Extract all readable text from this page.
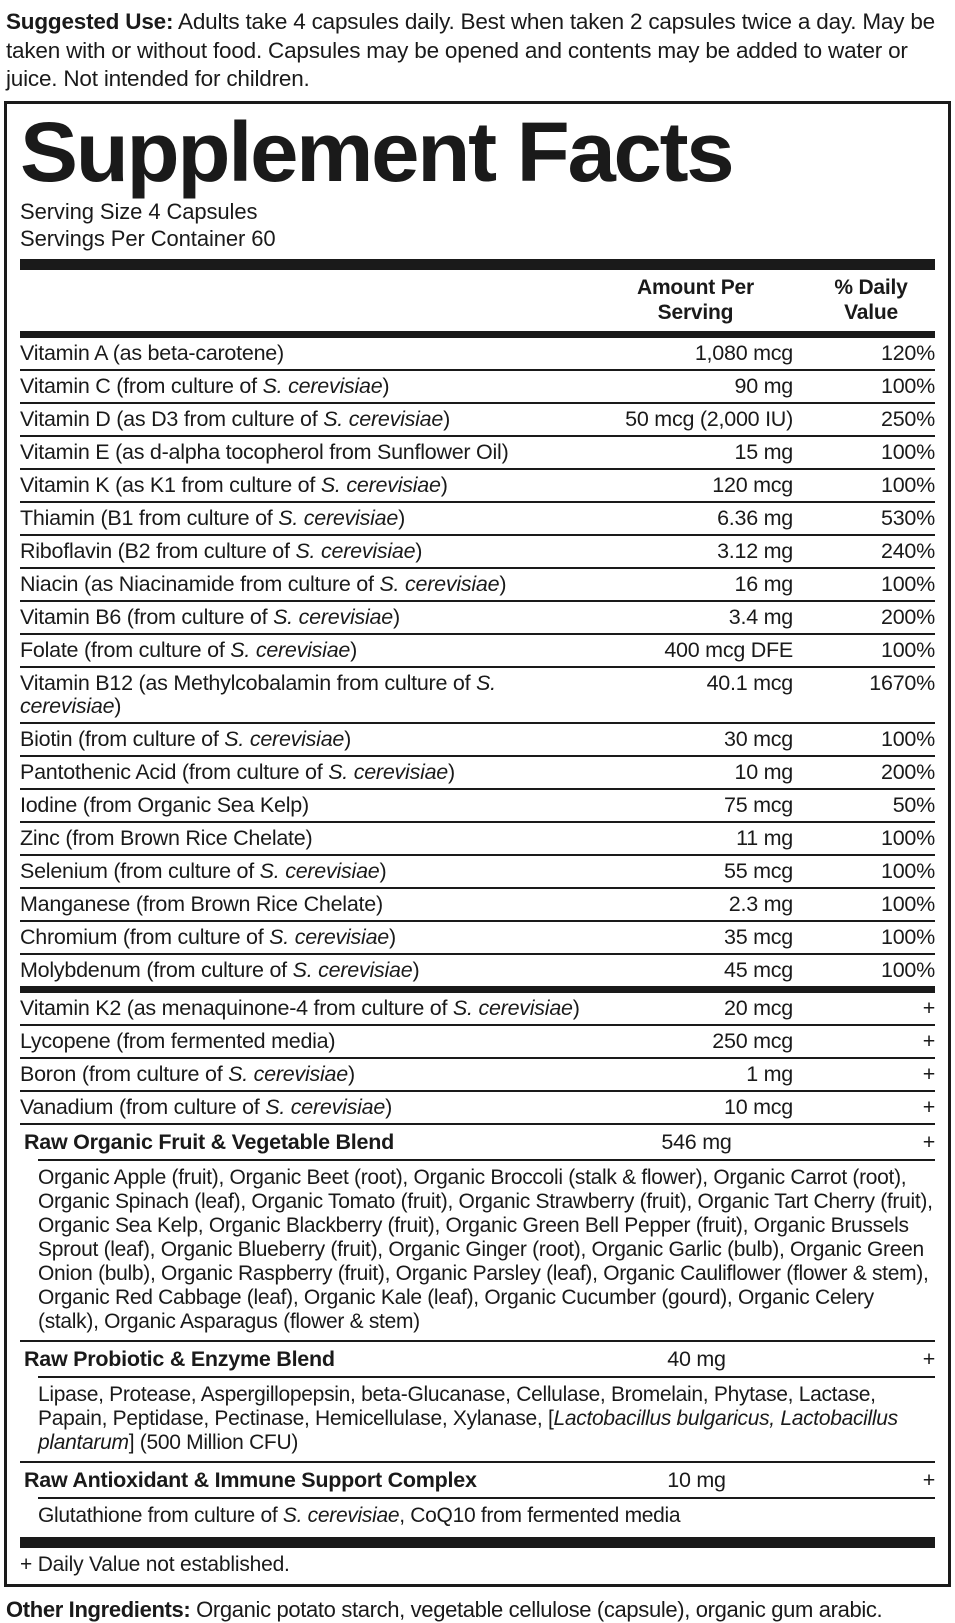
Suggested Use: Adults take 4 capsules daily. Best when taken 2 capsules twice a day. May be taken with or without food. Capsules may be opened and contents may be added to water or juice. Not intended for children.
Supplement Facts
Serving Size 4 Capsules
Servings Per Container 60
Amount Per
Serving
% Daily
Value
Vitamin A (as beta-carotene)	1,080 mcg	120%
Vitamin C (from culture of S. cerevisiae)	90 mg	100%
Vitamin D (as D3 from culture of S. cerevisiae)	50 mcg (2,000 IU)	250%
Vitamin E (as d-alpha tocopherol from Sunflower Oil)	15 mg	100%
Vitamin K (as K1 from culture of S. cerevisiae)	120 mcg	100%
Thiamin (B1 from culture of S. cerevisiae)	6.36 mg	530%
Riboflavin (B2 from culture of S. cerevisiae)	3.12 mg	240%
Niacin (as Niacinamide from culture of S. cerevisiae)	16 mg	100%
Vitamin B6 (from culture of S. cerevisiae)	3.4 mg	200%
Folate (from culture of S. cerevisiae)	400 mcg DFE	100%
Vitamin B12 (as Methylcobalamin from culture of S. cerevisiae)
40.1 mcg	1670%
Biotin (from culture of S. cerevisiae)	30 mcg	100%
Pantothenic Acid (from culture of S. cerevisiae)	10 mg	200%
Iodine (from Organic Sea Kelp)	75 mcg	50%
Zinc (from Brown Rice Chelate)	11 mg	100%
Selenium (from culture of S. cerevisiae)	55 mcg	100%
Manganese (from Brown Rice Chelate)	2.3 mg	100%
Chromium (from culture of S. cerevisiae)	35 mcg	100%
Molybdenum (from culture of S. cerevisiae)	45 mcg	100%
Vitamin K2 (as menaquinone-4 from culture of S. cerevisiae)	20 mcg	+
Lycopene (from fermented media)	250 mcg	+
Boron (from culture of S. cerevisiae)	1 mg	+
Vanadium (from culture of S. cerevisiae)	10 mcg	+
Raw Organic Fruit & Vegetable Blend	546 mg	+
Organic Apple (fruit), Organic Beet (root), Organic Broccoli (stalk & flower), Organic Carrot (root), Organic Spinach (leaf), Organic Tomato (fruit), Organic Strawberry (fruit), Organic Tart Cherry (fruit), Organic Sea Kelp, Organic Blackberry (fruit), Organic Green Bell Pepper (fruit), Organic Brussels Sprout (leaf), Organic Blueberry (fruit), Organic Ginger (root), Organic Garlic (bulb), Organic Green Onion (bulb), Organic Raspberry (fruit), Organic Parsley (leaf), Organic Cauliflower (flower & stem), Organic Red Cabbage (leaf), Organic Kale (leaf), Organic Cucumber (gourd), Organic Celery (stalk), Organic Asparagus (flower & stem)
Raw Probiotic & Enzyme Blend	40 mg	+
Lipase, Protease, Aspergillopepsin, beta-Glucanase, Cellulase, Bromelain, Phytase, Lactase, Papain, Peptidase, Pectinase, Hemicellulase, Xylanase, [Lactobacillus bulgaricus, Lactobacillus plantarum] (500 Million CFU)
Raw Antioxidant & Immune Support Complex	10 mg	+
Glutathione from culture of S. cerevisiae, CoQ10 from fermented media
+ Daily Value not established.
Other Ingredients: Organic potato starch, vegetable cellulose (capsule), organic gum arabic.
